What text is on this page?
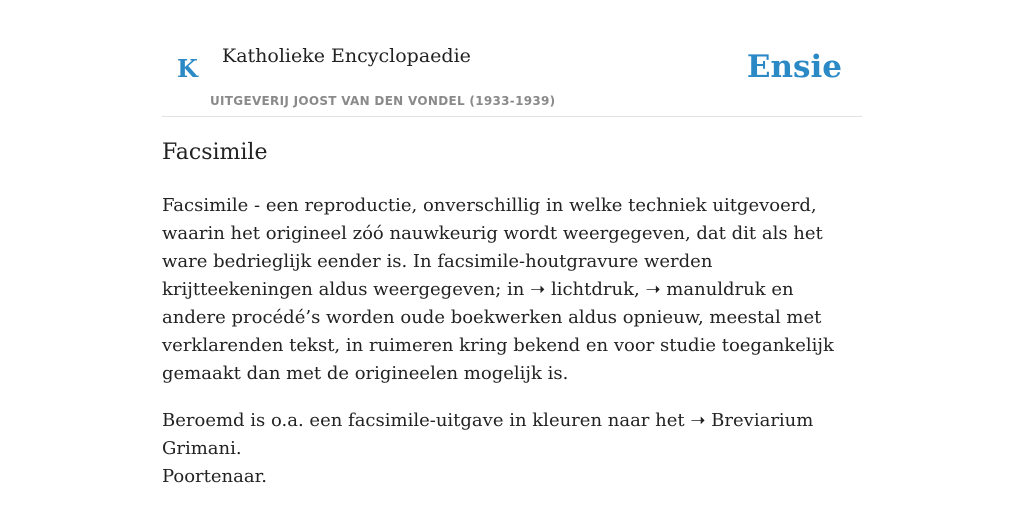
K Katholieke Encyclopaedie
UITGEVERIJ JOOST VAN DEN VONDEL (1933-1939)
Ensie
Facsimile

Facsimile - een reproductie, onverschillig in welke techniek uitgevoerd, waarin het origineel zóó nauwkeurig wordt weergegeven, dat dit als het ware bedrieglijk eender is. In facsimile-houtgravure werden krijtteekeningen aldus weergegeven; in ➝ lichtdruk, ➝ manuldruk en andere procédé’s worden oude boekwerken aldus opnieuw, meestal met verklarenden tekst, in ruimeren kring bekend en voor studie toegankelijk gemaakt dan met de origineelen mogelijk is.

Beroemd is o.a. een facsimile-uitgave in kleuren naar het ➝ Breviarium Grimani.
Poortenaar.
